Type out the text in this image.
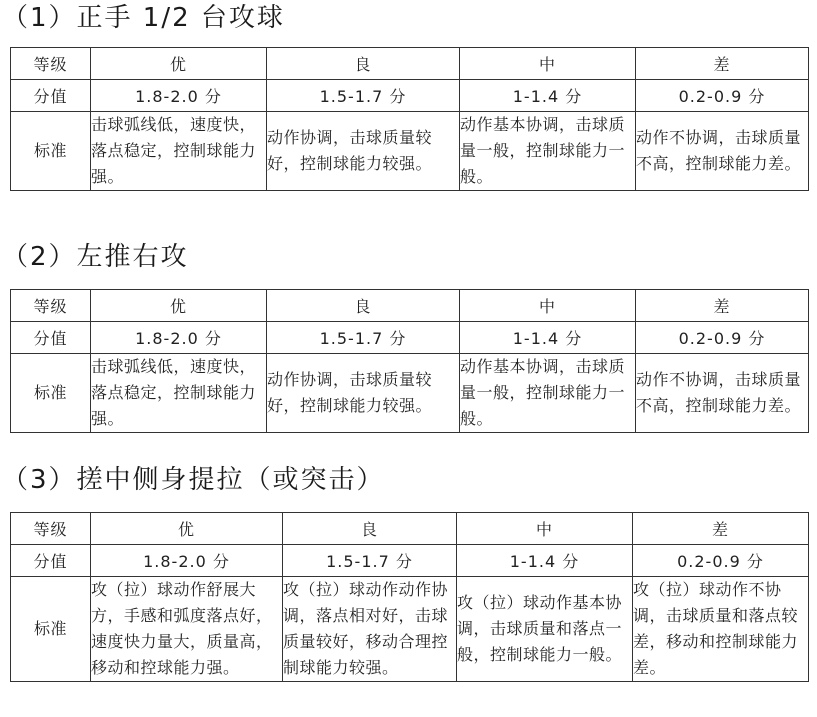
（1）正手 1/2 台攻球
等级	优	良	中	差
分值	1.8-2.0 分	1.5-1.7 分	1-1.4 分	0.2-0.9 分
标准	击球弧线低，速度快，落点稳定，控制球能力强。	动作协调，击球质量较好，控制球能力较强。	动作基本协调，击球质量一般，控制球能力一般。	动作不协调，击球质量不高，控制球能力差。
（2）左推右攻
等级	优	良	中	差
分值	1.8-2.0 分	1.5-1.7 分	1-1.4 分	0.2-0.9 分
标准	击球弧线低，速度快，落点稳定，控制球能力强。	动作协调，击球质量较好，控制球能力较强。	动作基本协调，击球质量一般，控制球能力一般。	动作不协调，击球质量不高，控制球能力差。
（3）搓中侧身提拉（或突击）
等级	优	良	中	差
分值	1.8-2.0 分	1.5-1.7 分	1-1.4 分	0.2-0.9 分
标准	攻（拉）球动作舒展大方，手感和弧度落点好，速度快力量大，质量高，移动和控球能力强。	攻（拉）球动作动作协调，落点相对好，击球质量较好，移动合理控制球能力较强。	攻（拉）球动作基本协调，击球质量和落点一般，控制球能力一般。	攻（拉）球动作不协调，击球质量和落点较差，移动和控制球能力差。
